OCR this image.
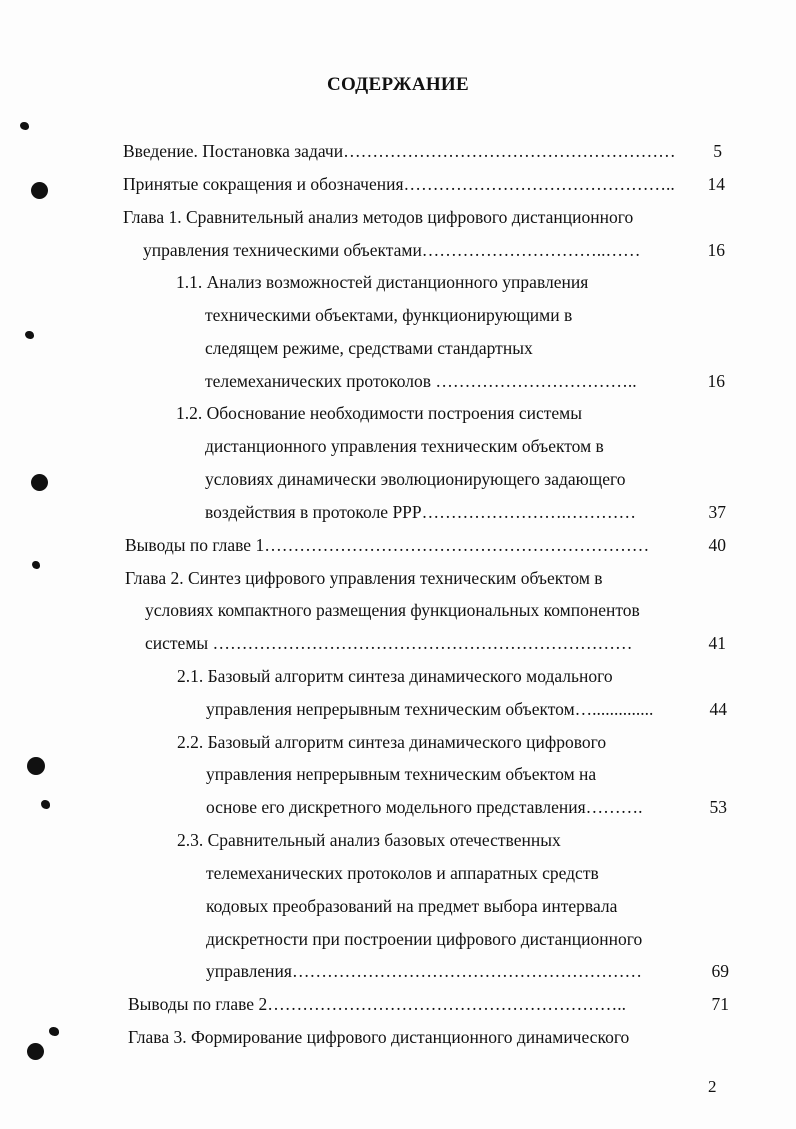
СОДЕРЖАНИЕ
Введение. Постановка задачи…………………………………………………	5
Принятые сокращения и обозначения………………………………………..	14
Глава 1. Сравнительный анализ методов цифрового дистанционного
управления техническими объектами…………………………..……	16
1.1. Анализ возможностей дистанционного управления
техническими объектами, функционирующими в
следящем режиме, средствами стандартных
телемеханических протоколов ……………………………..	16
1.2. Обоснование необходимости построения системы
дистанционного управления техническим объектом в
условиях динамически эволюционирующего задающего
воздействия в протоколе PPP…………………….…………	37
Выводы по главе 1…………………………………………………………	40
Глава 2. Синтез цифрового управления техническим объектом в
условиях компактного размещения функциональных компонентов
системы ………………………………………………………………	41
2.1. Базовый алгоритм синтеза динамического модального
управления непрерывным техническим объектом…..............	44
2.2. Базовый алгоритм синтеза динамического цифрового
управления непрерывным техническим объектом на
основе его дискретного модельного представления……….	53
2.3. Сравнительный анализ базовых отечественных
телемеханических протоколов и аппаратных средств
кодовых преобразований на предмет выбора интервала
дискретности при построении цифрового дистанционного
управления……………………………………………………	69
Выводы по главе 2……………………………………………………..	71
Глава 3. Формирование цифрового дистанционного динамического
2
